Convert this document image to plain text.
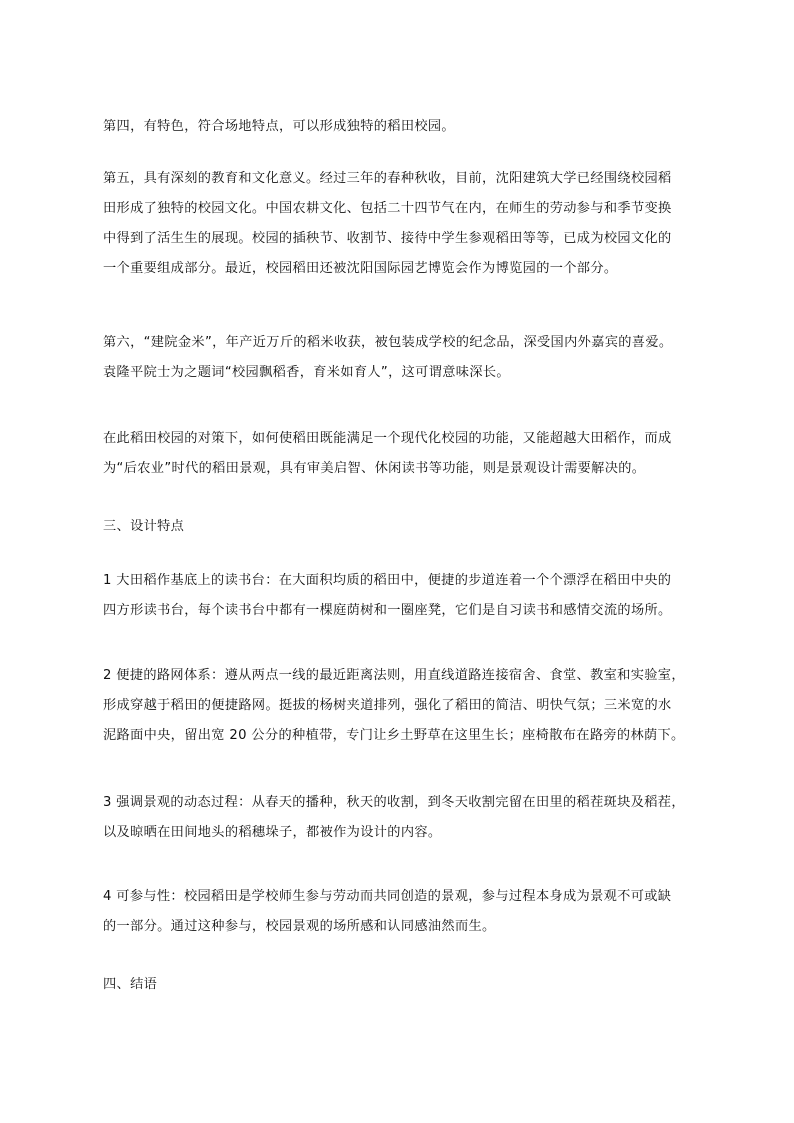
第四，有特色，符合场地特点，可以形成独特的稻田校园。

第五，具有深刻的教育和文化意义。经过三年的春种秋收，目前，沈阳建筑大学已经围绕校园稻
田形成了独特的校园文化。中国农耕文化、包括二十四节气在内，在师生的劳动参与和季节变换
中得到了活生生的展现。校园的插秧节、收割节、接待中学生参观稻田等等，已成为校园文化的
一个重要组成部分。最近，校园稻田还被沈阳国际园艺博览会作为博览园的一个部分。

第六，“建院金米”，年产近万斤的稻米收获，被包装成学校的纪念品，深受国内外嘉宾的喜爱。
袁隆平院士为之题词“校园飘稻香，育米如育人”，这可谓意味深长。

在此稻田校园的对策下，如何使稻田既能满足一个现代化校园的功能，又能超越大田稻作，而成
为“后农业”时代的稻田景观，具有审美启智、休闲读书等功能，则是景观设计需要解决的。

三、设计特点

1 大田稻作基底上的读书台：在大面积均质的稻田中，便捷的步道连着一个个漂浮在稻田中央的
四方形读书台，每个读书台中都有一棵庭荫树和一圈座凳，它们是自习读书和感情交流的场所。

2 便捷的路网体系：遵从两点一线的最近距离法则，用直线道路连接宿舍、食堂、教室和实验室，
形成穿越于稻田的便捷路网。挺拔的杨树夹道排列，强化了稻田的简洁、明快气氛；三米宽的水
泥路面中央，留出宽 20 公分的种植带，专门让乡土野草在这里生长；座椅散布在路旁的林荫下。

3 强调景观的动态过程：从春天的播种，秋天的收割，到冬天收割完留在田里的稻茬斑块及稻茬，
以及晾晒在田间地头的稻穗垛子，都被作为设计的内容。

4 可参与性：校园稻田是学校师生参与劳动而共同创造的景观，参与过程本身成为景观不可或缺
的一部分。通过这种参与，校园景观的场所感和认同感油然而生。

四、结语
